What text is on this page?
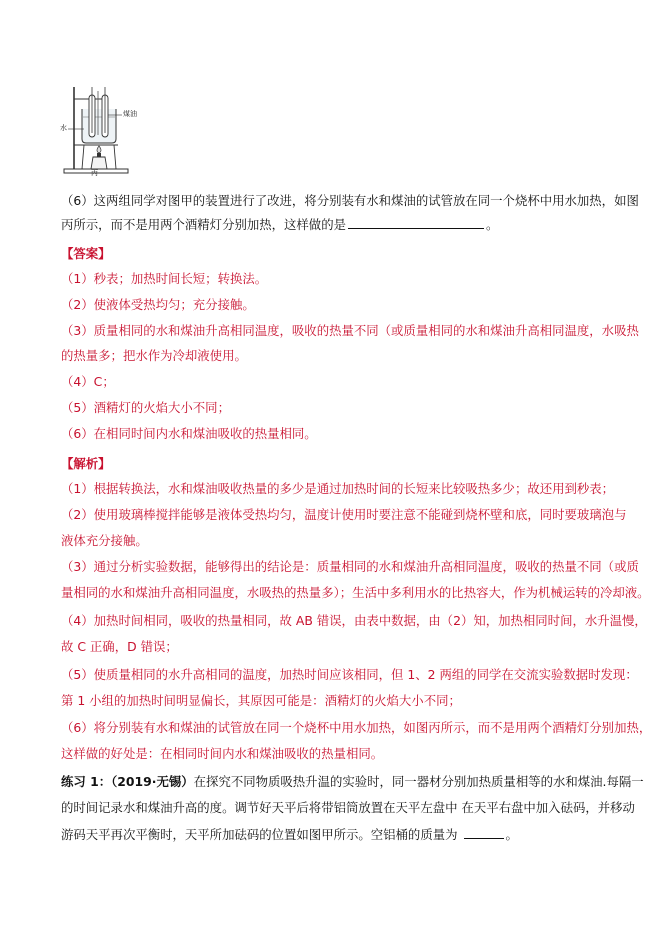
水
煤油
丙
（6）这两组同学对图甲的装置进行了改进，将分别装有水和煤油的试管放在同一个烧杯中用水加热，如图
丙所示，而不是用两个酒精灯分别加热，这样做的是	。
【答案】
（1）秒表；加热时间长短；转换法。
（2）使液体受热均匀；充分接触。
（3）质量相同的水和煤油升高相同温度，吸收的热量不同（或质量相同的水和煤油升高相同温度，水吸热
的热量多；把水作为冷却液使用。
（4）C；
（5）酒精灯的火焰大小不同；
（6）在相同时间内水和煤油吸收的热量相同。
【解析】
（1）根据转换法，水和煤油吸收热量的多少是通过加热时间的长短来比较吸热多少；故还用到秒表；
（2）使用玻璃棒搅拌能够是液体受热均匀，温度计使用时要注意不能碰到烧杯壁和底，同时要玻璃泡与
液体充分接触。
（3）通过分析实验数据，能够得出的结论是：质量相同的水和煤油升高相同温度，吸收的热量不同（或质
量相同的水和煤油升高相同温度，水吸热的热量多）；生活中多利用水的比热容大，作为机械运转的冷却液。
（4）加热时间相同，吸收的热量相同，故 AB 错误，由表中数据，由（2）知，加热相同时间，水升温慢，
故 C 正确，D 错误；
（5）使质量相同的水升高相同的温度，加热时间应该相同，但 1、2 两组的同学在交流实验数据时发现：
第 1 小组的加热时间明显偏长，其原因可能是：酒精灯的火焰大小不同；
（6）将分别装有水和煤油的试管放在同一个烧杯中用水加热，如图丙所示，而不是用两个酒精灯分别加热，
这样做的好处是：在相同时间内水和煤油吸收的热量相同。
练习 1：（2019·无锡）在探究不同物质吸热升温的实验时，同一器材分别加热质量相等的水和煤油.每隔一
的时间记录水和煤油升高的度。调节好天平后将带铝筒放置在天平左盘中 在天平右盘中加入砝码，并移动
游码天平再次平衡时，天平所加砝码的位置如图甲所示。空铝桶的质量为	。
